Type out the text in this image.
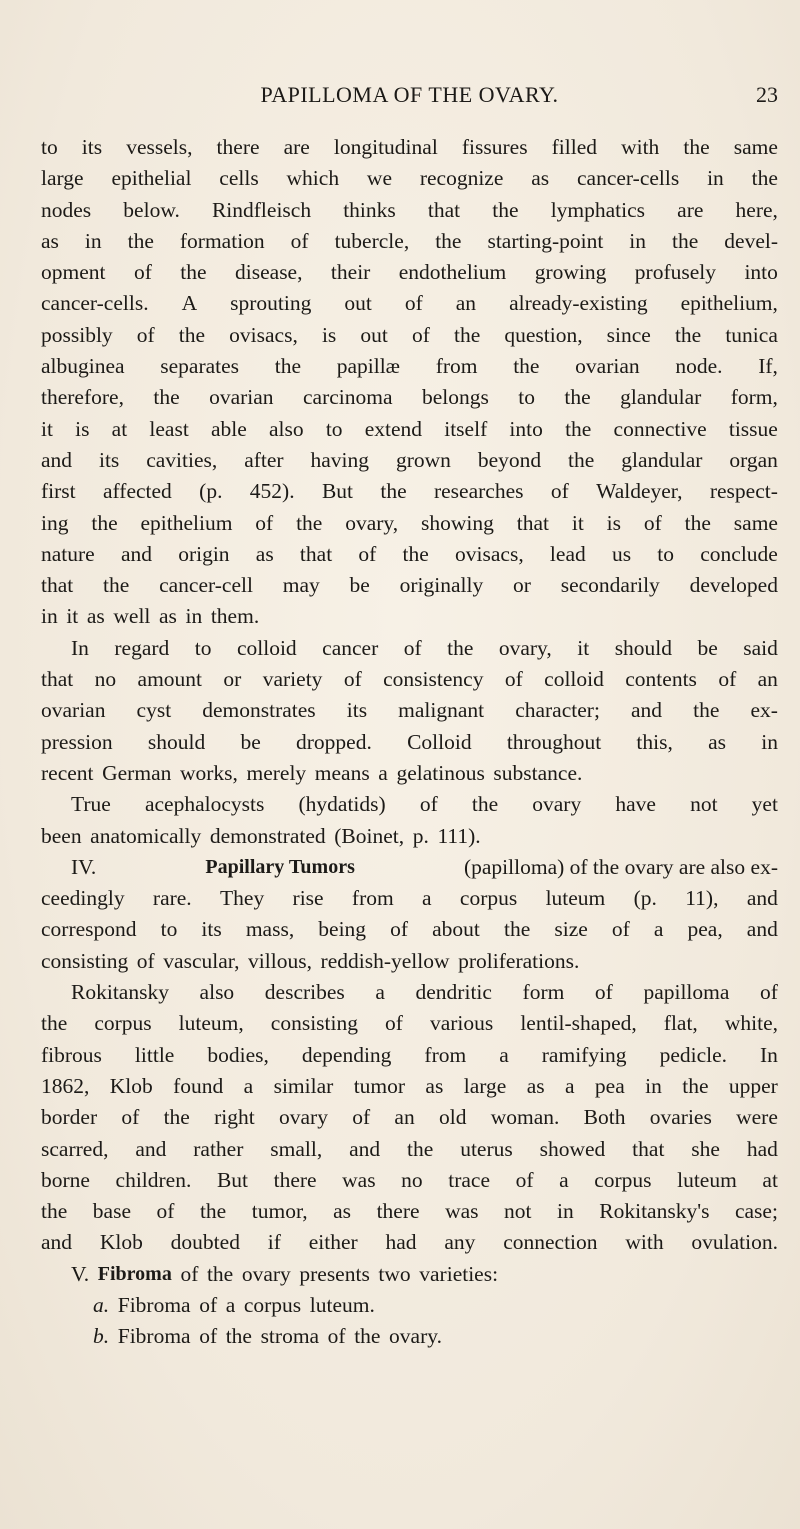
PAPILLOMA OF THE OVARY.	23
to its vessels, there are longitudinal fissures filled with the same
large epithelial cells which we recognize as cancer-cells in the
nodes below. Rindfleisch thinks that the lymphatics are here,
as in the formation of tubercle, the starting-point in the devel-
opment of the disease, their endothelium growing profusely into
cancer-cells. A sprouting out of an already-existing epithelium,
possibly of the ovisacs, is out of the question, since the tunica
albuginea separates the papillæ from the ovarian node. If,
therefore, the ovarian carcinoma belongs to the glandular form,
it is at least able also to extend itself into the connective tissue
and its cavities, after having grown beyond the glandular organ
first affected (p. 452). But the researches of Waldeyer, respect-
ing the epithelium of the ovary, showing that it is of the same
nature and origin as that of the ovisacs, lead us to conclude
that the cancer-cell may be originally or secondarily developed
in it as well as in them.
In regard to colloid cancer of the ovary, it should be said
that no amount or variety of consistency of colloid contents of an
ovarian cyst demonstrates its malignant character; and the ex-
pression should be dropped. Colloid throughout this, as in
recent German works, merely means a gelatinous substance.
True acephalocysts (hydatids) of the ovary have not yet
been anatomically demonstrated (Boinet, p. 111).
IV.	Papillary Tumors	(papilloma) of the ovary are also ex-
ceedingly rare. They rise from a corpus luteum (p. 11), and
correspond to its mass, being of about the size of a pea, and
consisting of vascular, villous, reddish-yellow proliferations.
Rokitansky also describes a dendritic form of papilloma of
the corpus luteum, consisting of various lentil-shaped, flat, white,
fibrous little bodies, depending from a ramifying pedicle. In
1862, Klob found a similar tumor as large as a pea in the upper
border of the right ovary of an old woman. Both ovaries were
scarred, and rather small, and the uterus showed that she had
borne children. But there was no trace of a corpus luteum at
the base of the tumor, as there was not in Rokitansky's case;
and Klob doubted if either had any connection with ovulation.
V.
Fibroma
of the ovary presents two varieties:
a.
Fibroma of a corpus luteum.
b.
Fibroma of the stroma of the ovary.
